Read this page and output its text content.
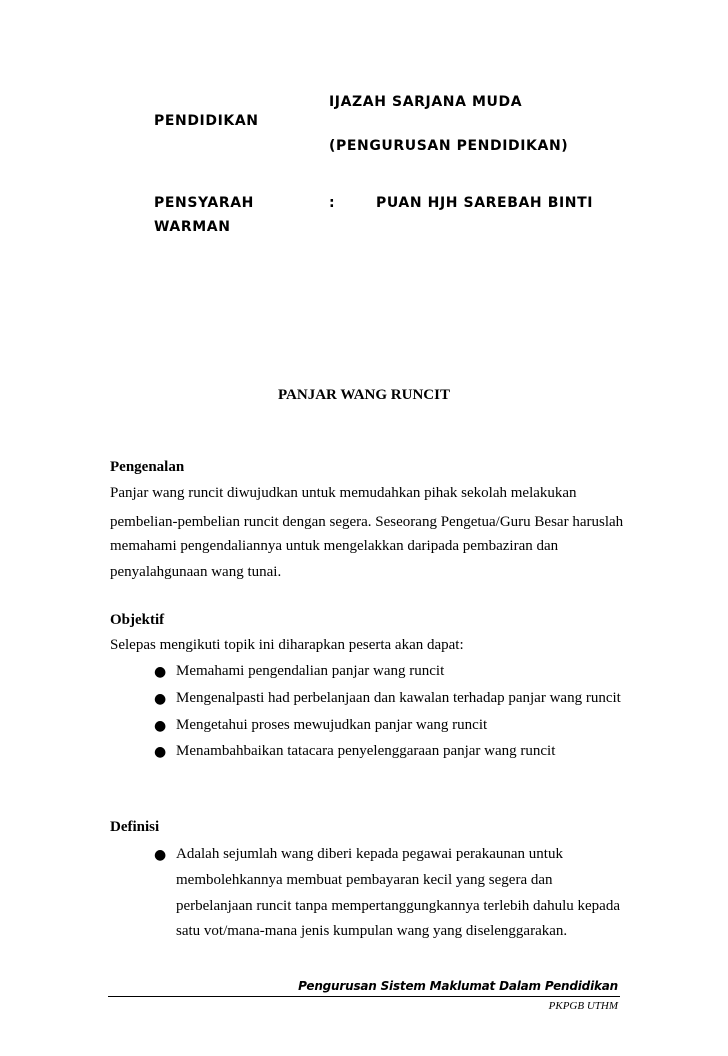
IJAZAH SARJANA MUDA
PENDIDIKAN
(PENGURUSAN PENDIDIKAN)
PENSYARAH	:	PUAN HJH SAREBAH BINTI
WARMAN
PANJAR WANG RUNCIT
Pengenalan
Panjar wang runcit diwujudkan untuk memudahkan pihak sekolah melakukan
pembelian-pembelian runcit dengan segera. Seseorang Pengetua/Guru Besar haruslah
memahami pengendaliannya untuk mengelakkan daripada pembaziran dan
penyalahgunaan wang tunai.
Objektif
Selepas mengikuti topik ini diharapkan peserta akan dapat:
● Memahami pengendalian panjar wang runcit
● Mengenalpasti had perbelanjaan dan kawalan terhadap panjar wang runcit
● Mengetahui proses mewujudkan panjar wang runcit
● Menambahbaikan tatacara penyelenggaraan panjar wang runcit
Definisi
● Adalah sejumlah wang diberi kepada pegawai perakaunan untuk
membolehkannya membuat pembayaran kecil yang segera dan
perbelanjaan runcit tanpa mempertanggungkannya terlebih dahulu kepada
satu vot/mana-mana jenis kumpulan wang yang diselenggarakan.
Pengurusan Sistem Maklumat Dalam Pendidikan
PKPGB UTHM
